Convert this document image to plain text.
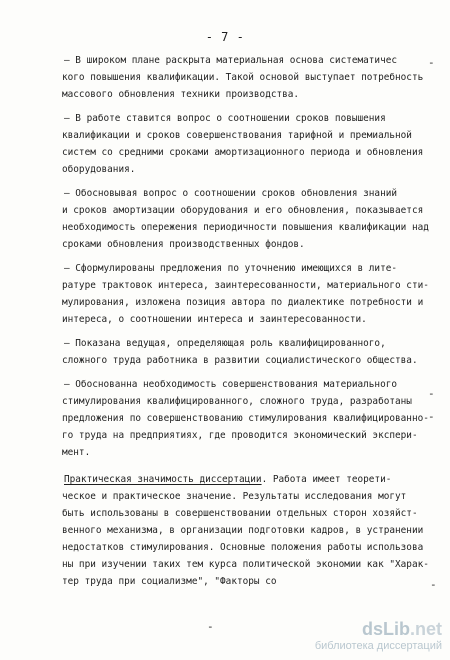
- 7 -
– В широком плане раскрыта материальная основа систематичес
кого повышения квалификации. Такой основой выступает потребность
массового обновления техники производства.
– В работе ставится вопрос о соотношении сроков повышения
квалификации и сроков совершенствования тарифной и премиальной
систем со средними сроками амортизационного периода и обновления
оборудования.
– Обосновывая вопрос о соотношении сроков обновления знаний
и сроков амортизации оборудования и его обновления, показывается
необходимость опережения периодичности повышения квалификации над
сроками обновления производственных фондов.
– Сформулированы предложения по уточнению имеющихся в лите-
ратуре трактовок интереса, заинтересованности, материального сти-
мулирования, изложена позиция автора по диалектике потребности и
интереса, о соотношении интереса и заинтересованности.
– Показана ведущая, определяющая роль квалифицированного,
сложного труда работника в развитии социалистического общества.
– Обоснованна необходимость совершенствования материального
стимулирования квалифицированного, сложного труда, разработаны
предложения по совершенствованию стимулирования квалифицированно-
го труда на предприятиях, где проводится экономический экспери-
мент.
Практическая значимость диссертации. Работа имеет теорети-
ческое и практическое значение. Результаты исследования могут
быть использованы в совершенствовании отдельных сторон хозяйст-
венного механизма, в организации подготовки кадров, в устранении
недостатков стимулирования. Основные положения работы использова
ны при изучении таких тем курса политической экономии как "Харак-
тер труда при социализме", "Факторы со
-
-
-
-
-	dsLib.net
библиотека диссертаций
